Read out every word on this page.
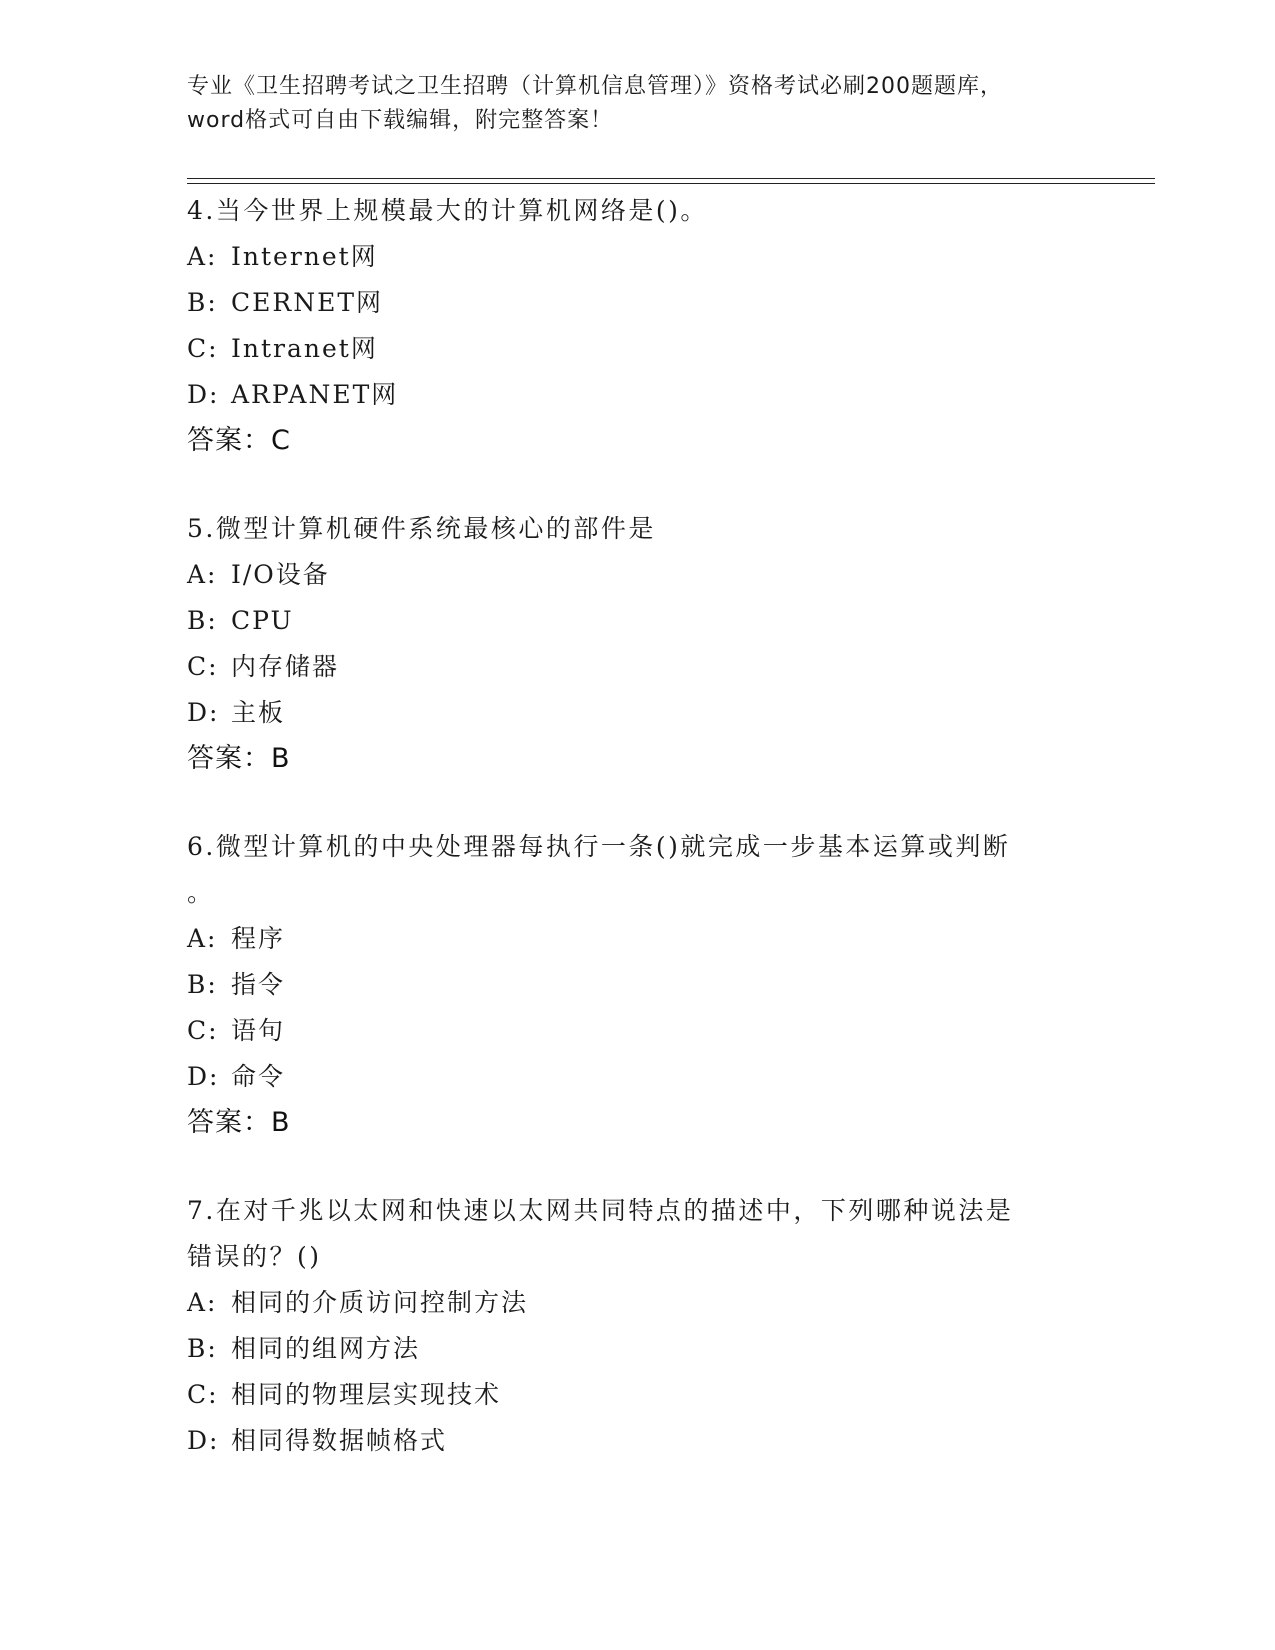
专业《卫生招聘考试之卫生招聘（计算机信息管理）》资格考试必刷200题题库，
word格式可自由下载编辑，附完整答案！
4.当今世界上规模最大的计算机网络是()。
A: Internet网
B: CERNET网
C: Intranet网
D: ARPANET网
答案：C
5.微型计算机硬件系统最核心的部件是
A: I/O设备
B: CPU
C: 内存储器
D: 主板
答案：B
6.微型计算机的中央处理器每执行一条()就完成一步基本运算或判断
。
A: 程序
B: 指令
C: 语句
D: 命令
答案：B
7.在对千兆以太网和快速以太网共同特点的描述中，下列哪种说法是
错误的？()
A: 相同的介质访问控制方法
B: 相同的组网方法
C: 相同的物理层实现技术
D: 相同得数据帧格式
